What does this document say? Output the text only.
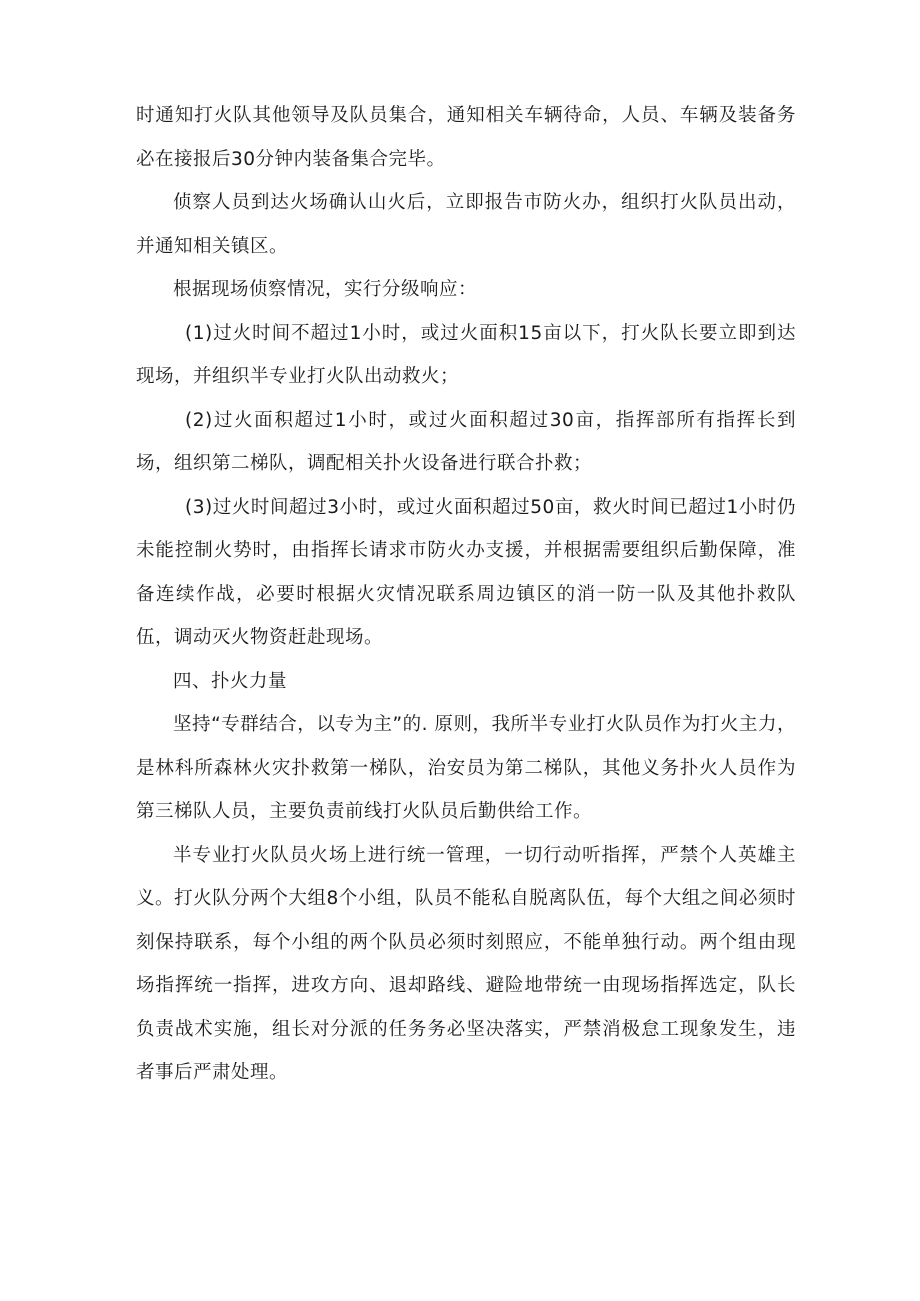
时通知打火队其他领导及队员集合，通知相关车辆待命，人员、车辆及装备务必在接报后30分钟内装备集合完毕。

侦察人员到达火场确认山火后，立即报告市防火办，组织打火队员出动，并通知相关镇区。

根据现场侦察情况，实行分级响应：

(1)过火时间不超过1小时，或过火面积15亩以下，打火队长要立即到达现场，并组织半专业打火队出动救火；

(2)过火面积超过1小时，或过火面积超过30亩，指挥部所有指挥长到场，组织第二梯队，调配相关扑火设备进行联合扑救；

(3)过火时间超过3小时，或过火面积超过50亩，救火时间已超过1小时仍未能控制火势时，由指挥长请求市防火办支援，并根据需要组织后勤保障，准备连续作战，必要时根据火灾情况联系周边镇区的消一防一队及其他扑救队伍，调动灭火物资赶赴现场。

四、扑火力量

坚持“专群结合，以专为主”的. 原则，我所半专业打火队员作为打火主力，是林科所森林火灾扑救第一梯队，治安员为第二梯队，其他义务扑火人员作为第三梯队人员，主要负责前线打火队员后勤供给工作。

半专业打火队员火场上进行统一管理，一切行动听指挥，严禁个人英雄主义。打火队分两个大组8个小组，队员不能私自脱离队伍，每个大组之间必须时刻保持联系，每个小组的两个队员必须时刻照应，不能单独行动。两个组由现场指挥统一指挥，进攻方向、退却路线、避险地带统一由现场指挥选定，队长负责战术实施，组长对分派的任务务必坚决落实，严禁消极怠工现象发生，违者事后严肃处理。
